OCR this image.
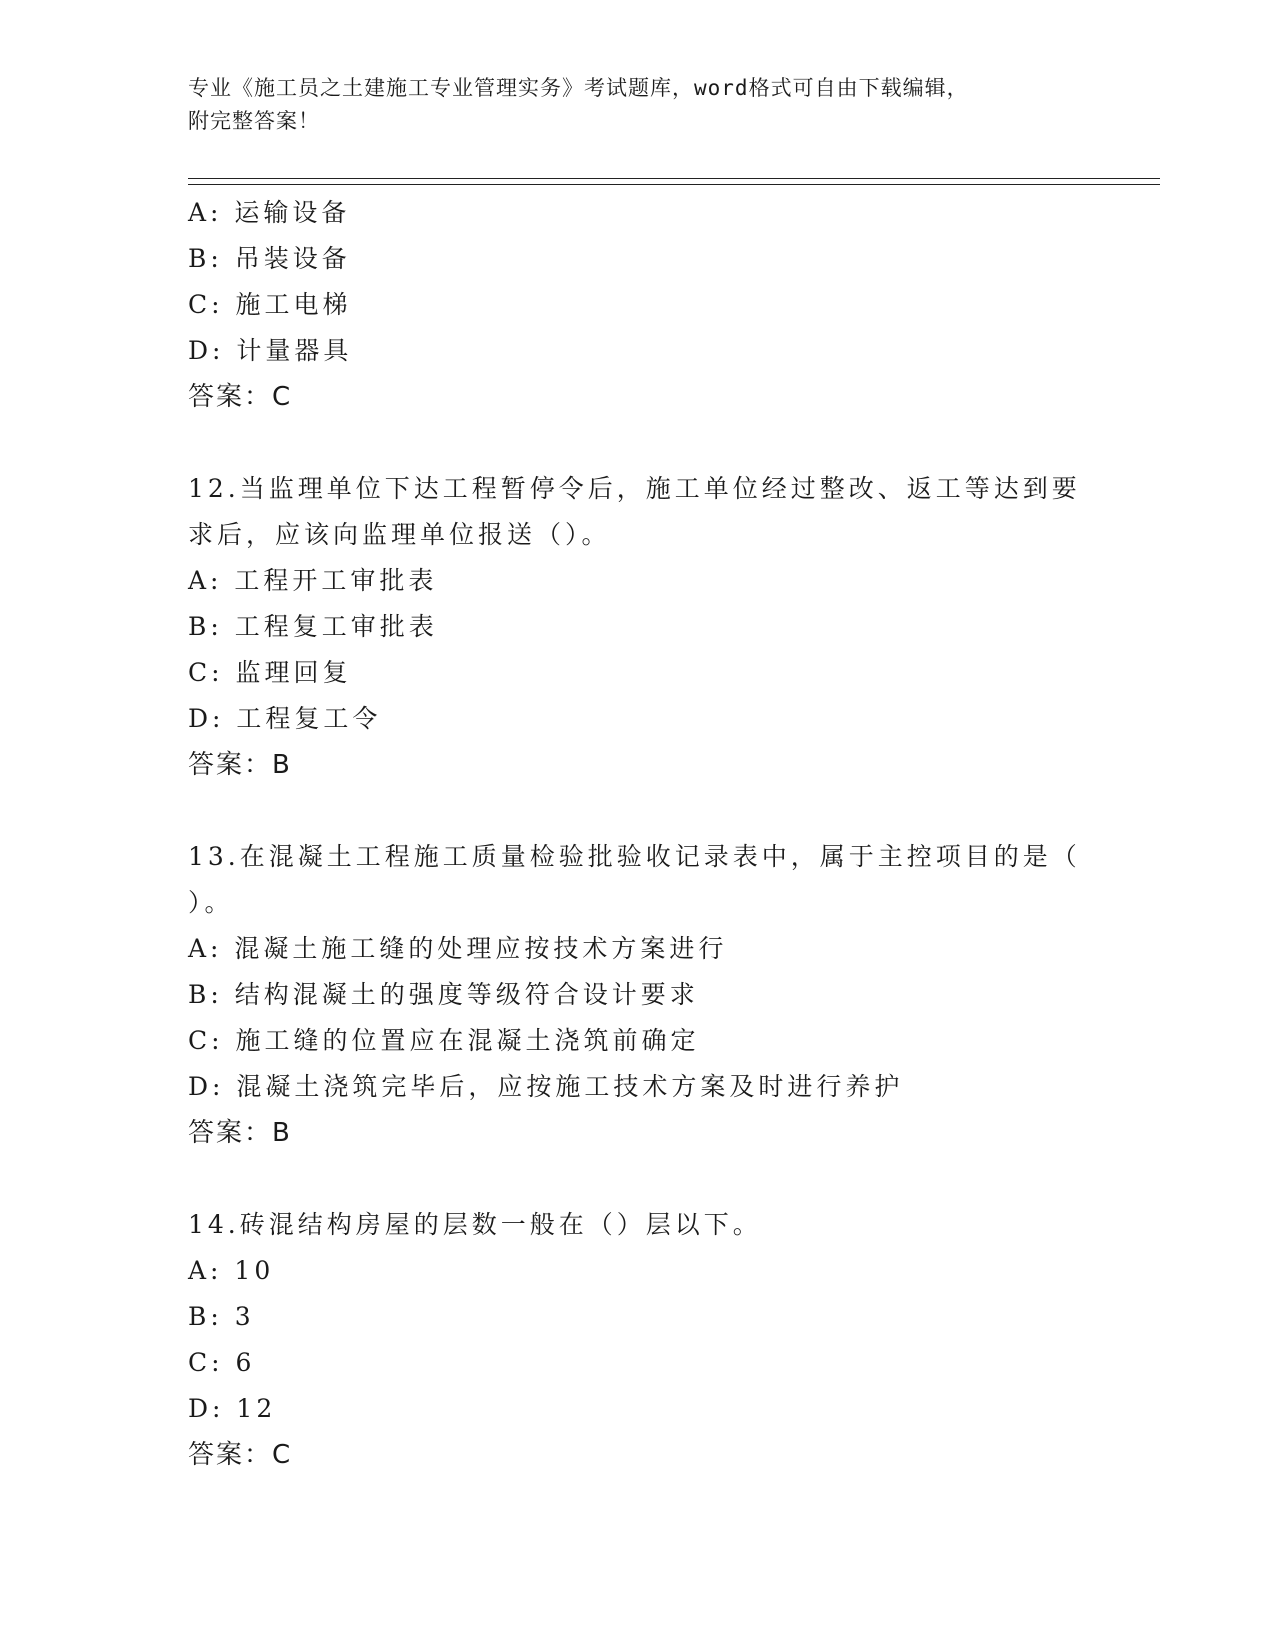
专业《施工员之土建施工专业管理实务》考试题库，word格式可自由下载编辑，
附完整答案！
A: 运输设备
B: 吊装设备
C: 施工电梯
D: 计量器具
答案：C
12.当监理单位下达工程暂停令后，施工单位经过整改、返工等达到要
求后，应该向监理单位报送（）。
A: 工程开工审批表
B: 工程复工审批表
C: 监理回复
D: 工程复工令
答案：B
13.在混凝土工程施工质量检验批验收记录表中，属于主控项目的是（
）。
A: 混凝土施工缝的处理应按技术方案进行
B: 结构混凝土的强度等级符合设计要求
C: 施工缝的位置应在混凝土浇筑前确定
D: 混凝土浇筑完毕后，应按施工技术方案及时进行养护
答案：B
14.砖混结构房屋的层数一般在（）层以下。
A: 10
B: 3
C: 6
D: 12
答案：C
